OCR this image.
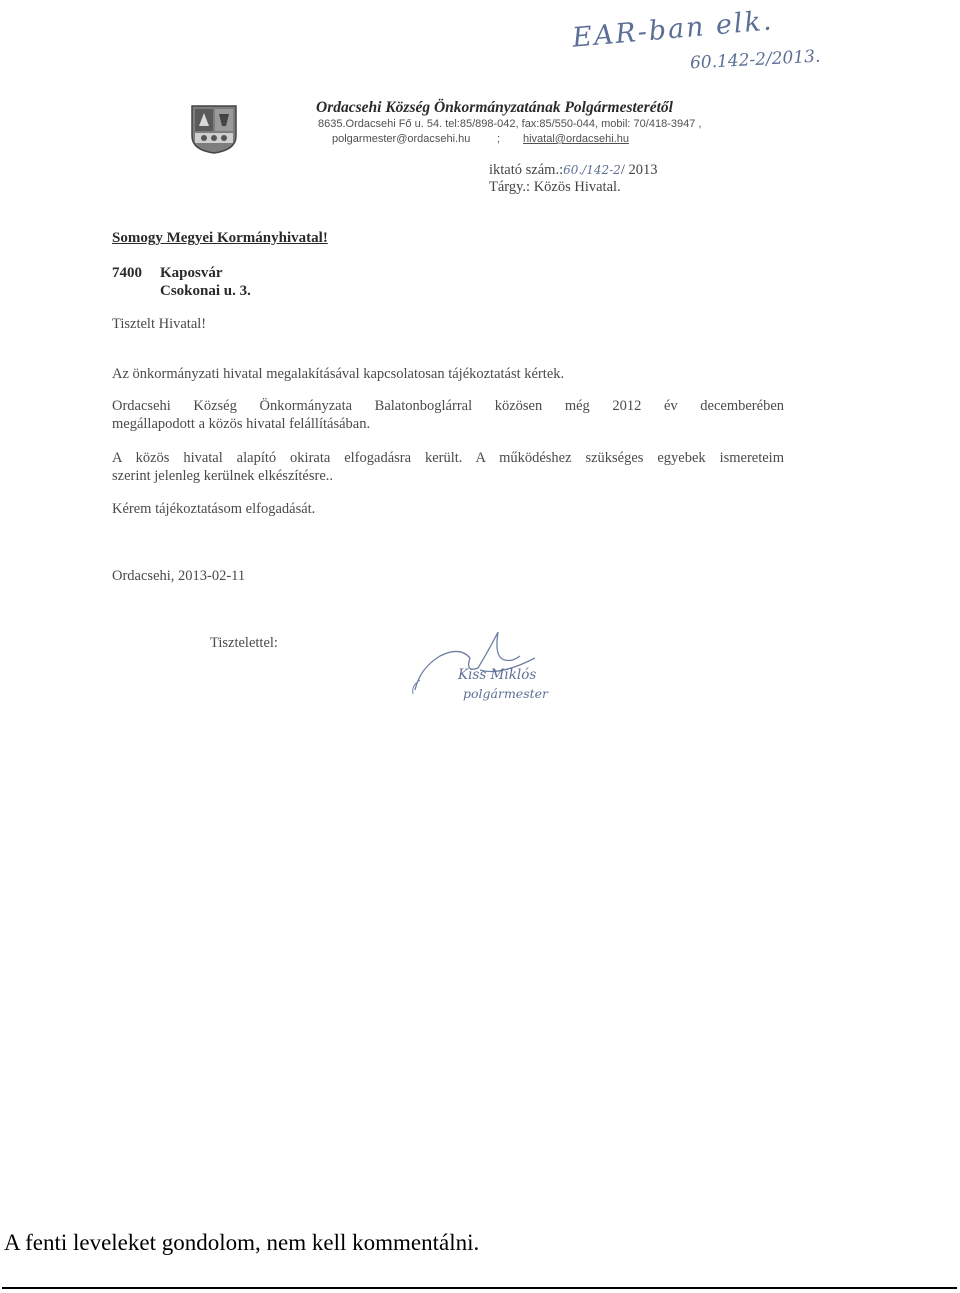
EAR-ban elk.
60.142-2/2013.
Ordacsehi Község Önkormányzatának Polgármesterétől
8635.Ordacsehi Fő u. 54. tel:85/898-042, fax:85/550-044, mobil: 70/418-3947 ,
polgarmester@ordacsehi.hu ; hivatal@ordacsehi.hu
iktató szám.:60./142-2/ 2013
Tárgy.: Közös Hivatal.
Somogy Megyei Kormányhivatal!
7400 Kaposvár
Csokonai u. 3.
Tisztelt Hivatal!
Az önkormányzati hivatal megalakításával kapcsolatosan tájékoztatást kértek.
Ordacsehi Község Önkormányzata Balatonboglárral közösen még 2012 év decemberében
megállapodott a közös hivatal felállításában.
A közös hivatal alapító okirata elfogadásra került. A működéshez szükséges egyebek ismereteim
szerint jelenleg kerülnek elkészítésre..
Kérem tájékoztatásom elfogadását.
Ordacsehi, 2013-02-11
Tisztelettel:
Kiss Miklós
polgármester
A fenti leveleket gondolom, nem kell kommentálni.
